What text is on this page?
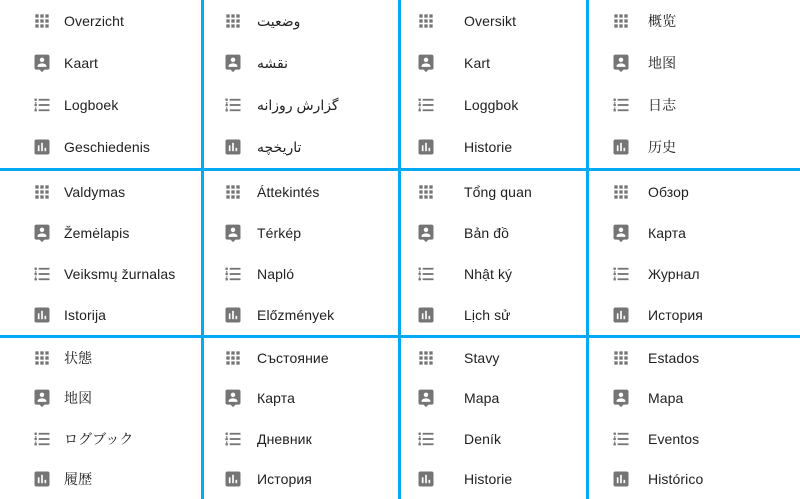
Overzicht
Kaart
Logboek
Geschiedenis
وضعیت
نقشه
گزارش روزانه
تاریخچه
Oversikt
Kart
Loggbok
Historie
概览
地图
日志
历史
Valdymas
Žemėlapis
Veiksmų žurnalas
Istorija
Áttekintés
Térkép
Napló
Előzmények
Tổng quan
Bản đồ
Nhật ký
Lịch sử
Обзор
Карта
Журнал
История
状態
地図
ログブック
履歴
Състояние
Карта
Дневник
История
Stavy
Mapa
Deník
Historie
Estados
Mapa
Eventos
Histórico
